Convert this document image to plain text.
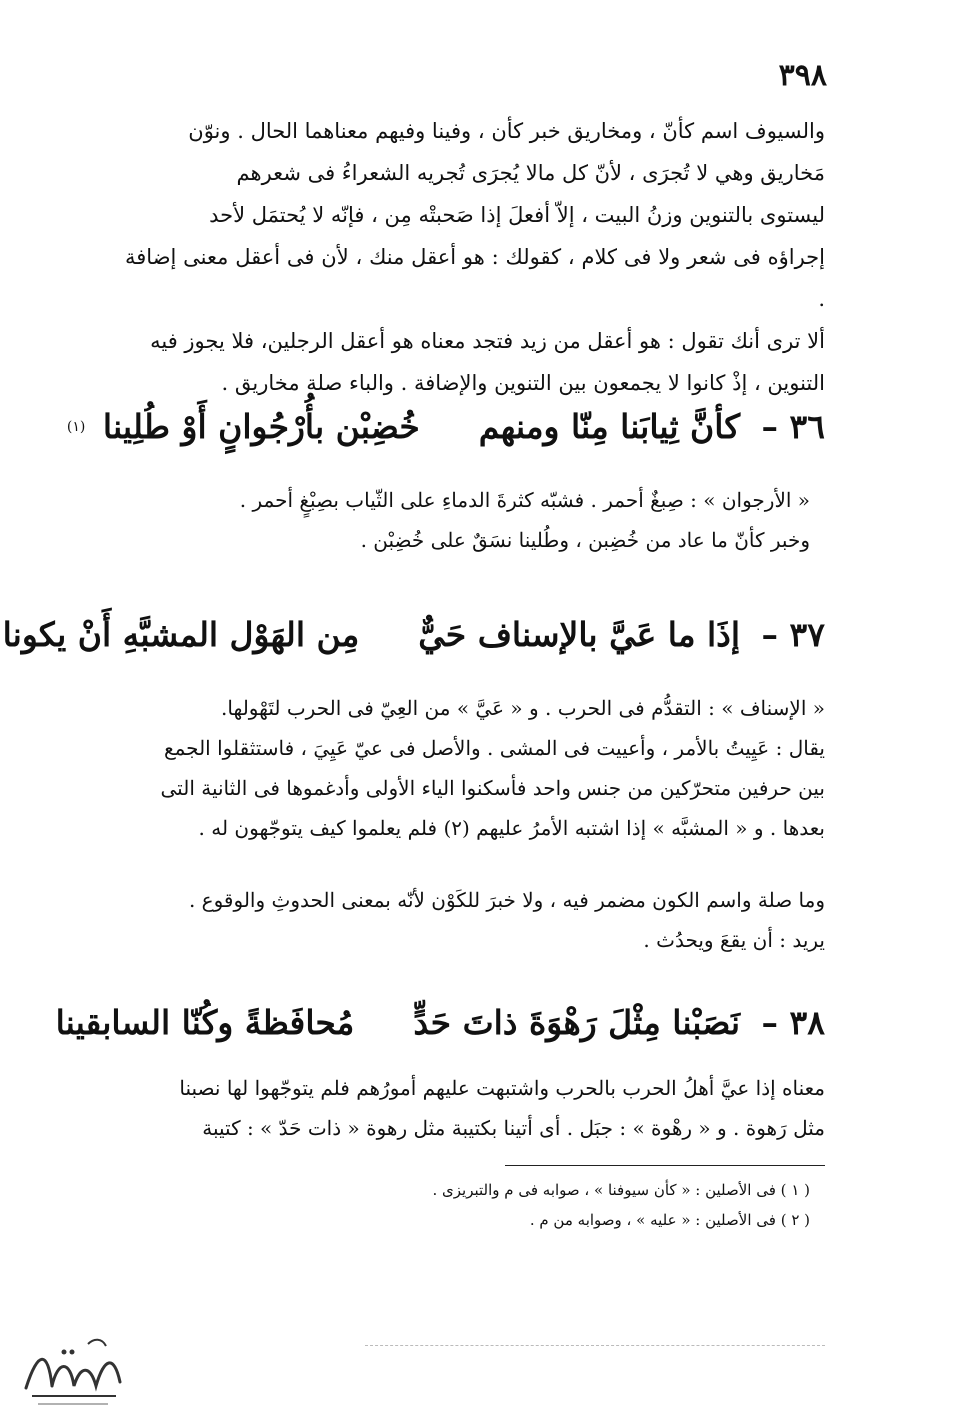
٣٩٨

والسيوف اسم كأنّ ، ومخاريق خبر كأن ، وفينا وفيهم معناهما الحال . ونوّن

مَخاريق وهي لا تُجرَى ، لأنّ كل مالا يُجرَى تُجريه الشعراءُ فى شعرهم

ليستوى بالتنوين وزنُ البيت ، إلاّ أفعلَ إذا صَحبتْه مِن ، فإنّه لا يُحتمَل لأحد

إجراؤه فى شعر ولا فى كلام ، كقولك : هو أعقل منك ، لأن فى أعقل معنى إضافة .

ألا ترى أنك تقول : هو أعقل من زيد فتجد معناه هو أعقل الرجلين، فلا يجوز فيه

التنوين ، إذْ كانوا لا يجمعون بين التنوين والإضافة . والباء صلة مخاريق .

٣٦ – كأنَّ ثِيابَنا مِنّا ومنهم  خُضِبْن بأُرْجُوانٍ أَوْ طُلِينا $^{(١)}$

« الأرجوان » : صِبغٌ أحمر . فشبّه كثرةَ الدماءِ على الثّياب بصِبْغٍ أحمر .

وخبر كأنّ ما عاد من خُضِبن ، وطُلينا نسَقٌ على خُضِبْن .

٣٧ – إذَا ما عَيَّ بالإسناف حَيٌّ  مِن الهَوْل المشبَّهِ أَنْ يكونا

« الإسناف » : التقدُّم فى الحرب . و « عَيَّ » من العِيّ فى الحرب لتَهْولها.

يقال : عَيِيتُ بالأمر ، وأعييت فى المشى . والأصل فى عيّ عَيِيَ ، فاستثقلوا الجمع

بين حرفين متحرّكين من جنس واحد فأسكنوا الياء الأولى وأدغموها فى الثانية التى

بعدها . و « المشبَّه » إذا اشتبه الأمرُ عليهم (٢) فلم يعلموا كيف يتوجّهون له .

وما صلة واسم الكون مضمر فيه ، ولا خبرَ للكَوْن لأنّه بمعنى الحدوثِ والوقوع .

يريد : أن يقعَ ويحدُث .

٣٨ – نَصَبْنا مِثْلَ رَهْوَةَ ذاتَ حَدٍّ  مُحافَظةً وكُنّا السابقينا

معناه إذا عيَّ أهلُ الحرب بالحرب واشتبهت عليهم أمورُهم فلم يتوجّهوا لها نصبنا

مثل رَهوة . و « رهْوة » : جبَل . أى أتينا بكتيبة مثل رهوة « ذات حَدّ » : كتيبة

( ١ ) فى الأصلين : « كأن سيوفنا » ، صوابه فى م والتبريزى .

( ٢ ) فى الأصلين : « عليه » ، وصوابه من م .
